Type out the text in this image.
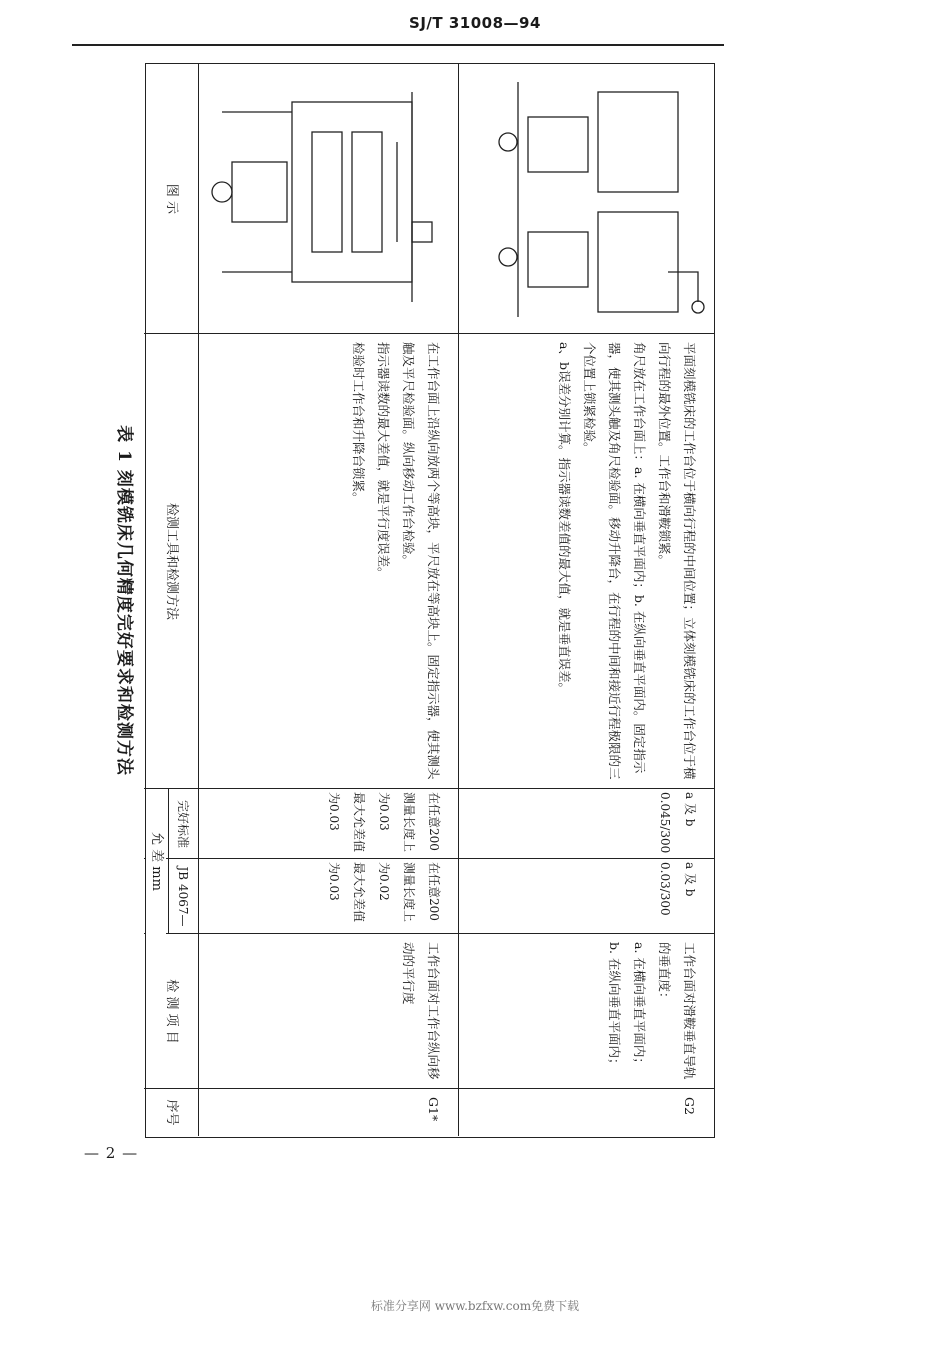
SJ/T 31008—94
表 1 刻模铣床几何精度完好要求和检测方法
图 示
检测工具和检测方法
完好标准
JB 4067—
允 差 mm
检 测 项 目
序号	G1*
工作台面对工作台纵向移动的平行度
在任意200测量长度上为0.02
最大允差值为0.03
在任意200测量长度上为0.03
最大允差值为0.03
在工作台面上沿纵向放两个等高块，平尺放在等高块上。固定指示器，使其测头触及平尺检验面。纵向移动工作台检验。
指示器读数的最大差值，就是平行度误差。
检验时工作台和升降台锁紧。
G2
工作台面对滑鞍垂直导轨的垂直度：
a. 在横向垂直平面内；
b. 在纵向垂直平面内；
a 及 b
0.03/300
a 及 b
0.045/300
平面刻模铣床的工作台位于横向行程的中间位置；立体刻模铣床的工作台位于横向行程的最外位置。工作台和滑鞍锁紧。
角尺放在工作台面上：a. 在横向垂直平面内；b. 在纵向垂直平面内。固定指示器，使其测头触及角尺检验面。移动升降台，在行程的中间和接近行程极限的三个位置上锁紧检验。
a、b误差分别计算。指示器读数差值的最大值，就是垂直误差。
— 2 —
标准分享网 www.bzfxw.com免费下载
